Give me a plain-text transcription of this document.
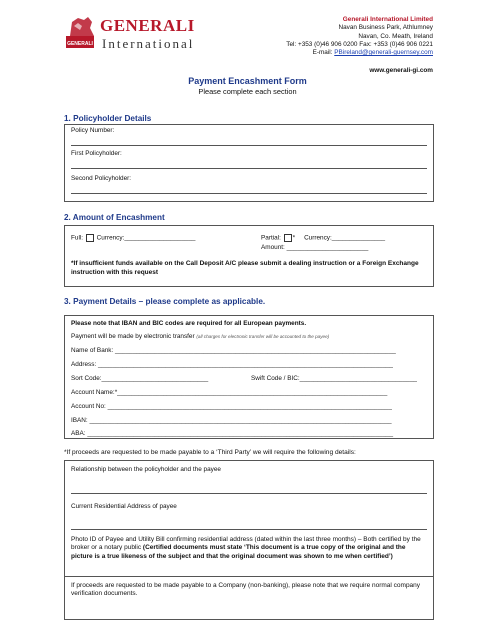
GENERALI
GENERALI
International
Generali International Limited
Navan Business Park, Athlumney
Navan, Co. Meath, Ireland
Tel: +353 (0)46 906 0200 Fax: +353 (0)46 906 0221
E-mail: PBireland@generali-guernsey.com
www.generali-gi.com
Payment Encashment Form
Please complete each section
1. Policyholder Details
Policy Number:
First Policyholder:
Second Policyholder:
2. Amount of Encashment
Full: Currency:____________________	Partial: * Currency:_______________
Amount: _______________________
*If insufficient funds available on the Call Deposit A/C please submit a dealing instruction or a Foreign Exchange instruction with this request
3. Payment Details – please complete as applicable.
Please note that IBAN and BIC codes are required for all European payments.
Payment will be made by electronic transfer (all charges for electronic transfer will be accounted to the payee)
Name of Bank: _______________________________________________________________________________
Address: ___________________________________________________________________________________
Sort Code:______________________________	Swift Code / BIC:_________________________________
Account Name:*____________________________________________________________________________
Account No: ________________________________________________________________________________
IBAN: _____________________________________________________________________________________
ABA: ______________________________________________________________________________________
*If proceeds are requested to be made payable to a ‘Third Party’ we will require the following details:
Relationship between the policyholder and the payee
Current Residential Address of payee
Photo ID of Payee and Utility Bill confirming residential address (dated within the last three months) – Both certified by the broker or a notary public (Certified documents must state ‘This document is a true copy of the original and the picture is a true likeness of the subject and that the original document was shown to me when certified’)
If proceeds are requested to be made payable to a Company (non-banking), please note that we require normal company verification documents.
